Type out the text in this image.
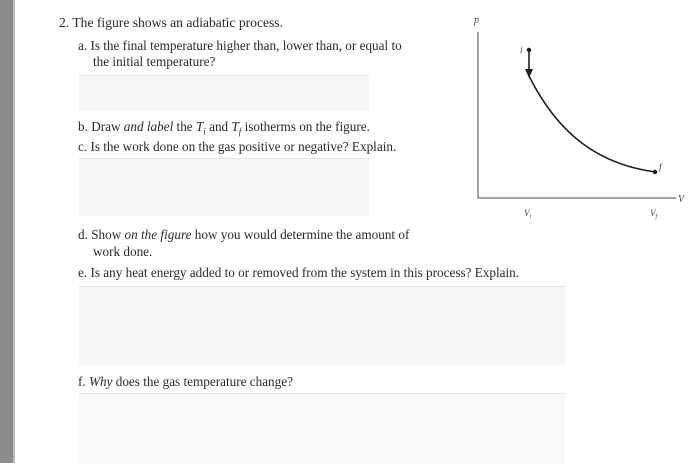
2. The figure shows an adiabatic process.
a. Is the final temperature higher than, lower than, or equal to
the initial temperature?
b. Draw and label the $T_i$ and $T_f$ isotherms on the figure.
c. Is the work done on the gas positive or negative? Explain.
d. Show on the figure how you would determine the amount of
work done.
e. Is any heat energy added to or removed from the system in this process? Explain.
f. Why does the gas temperature change?
p
V
i
f
$V_i$	$V_f$
